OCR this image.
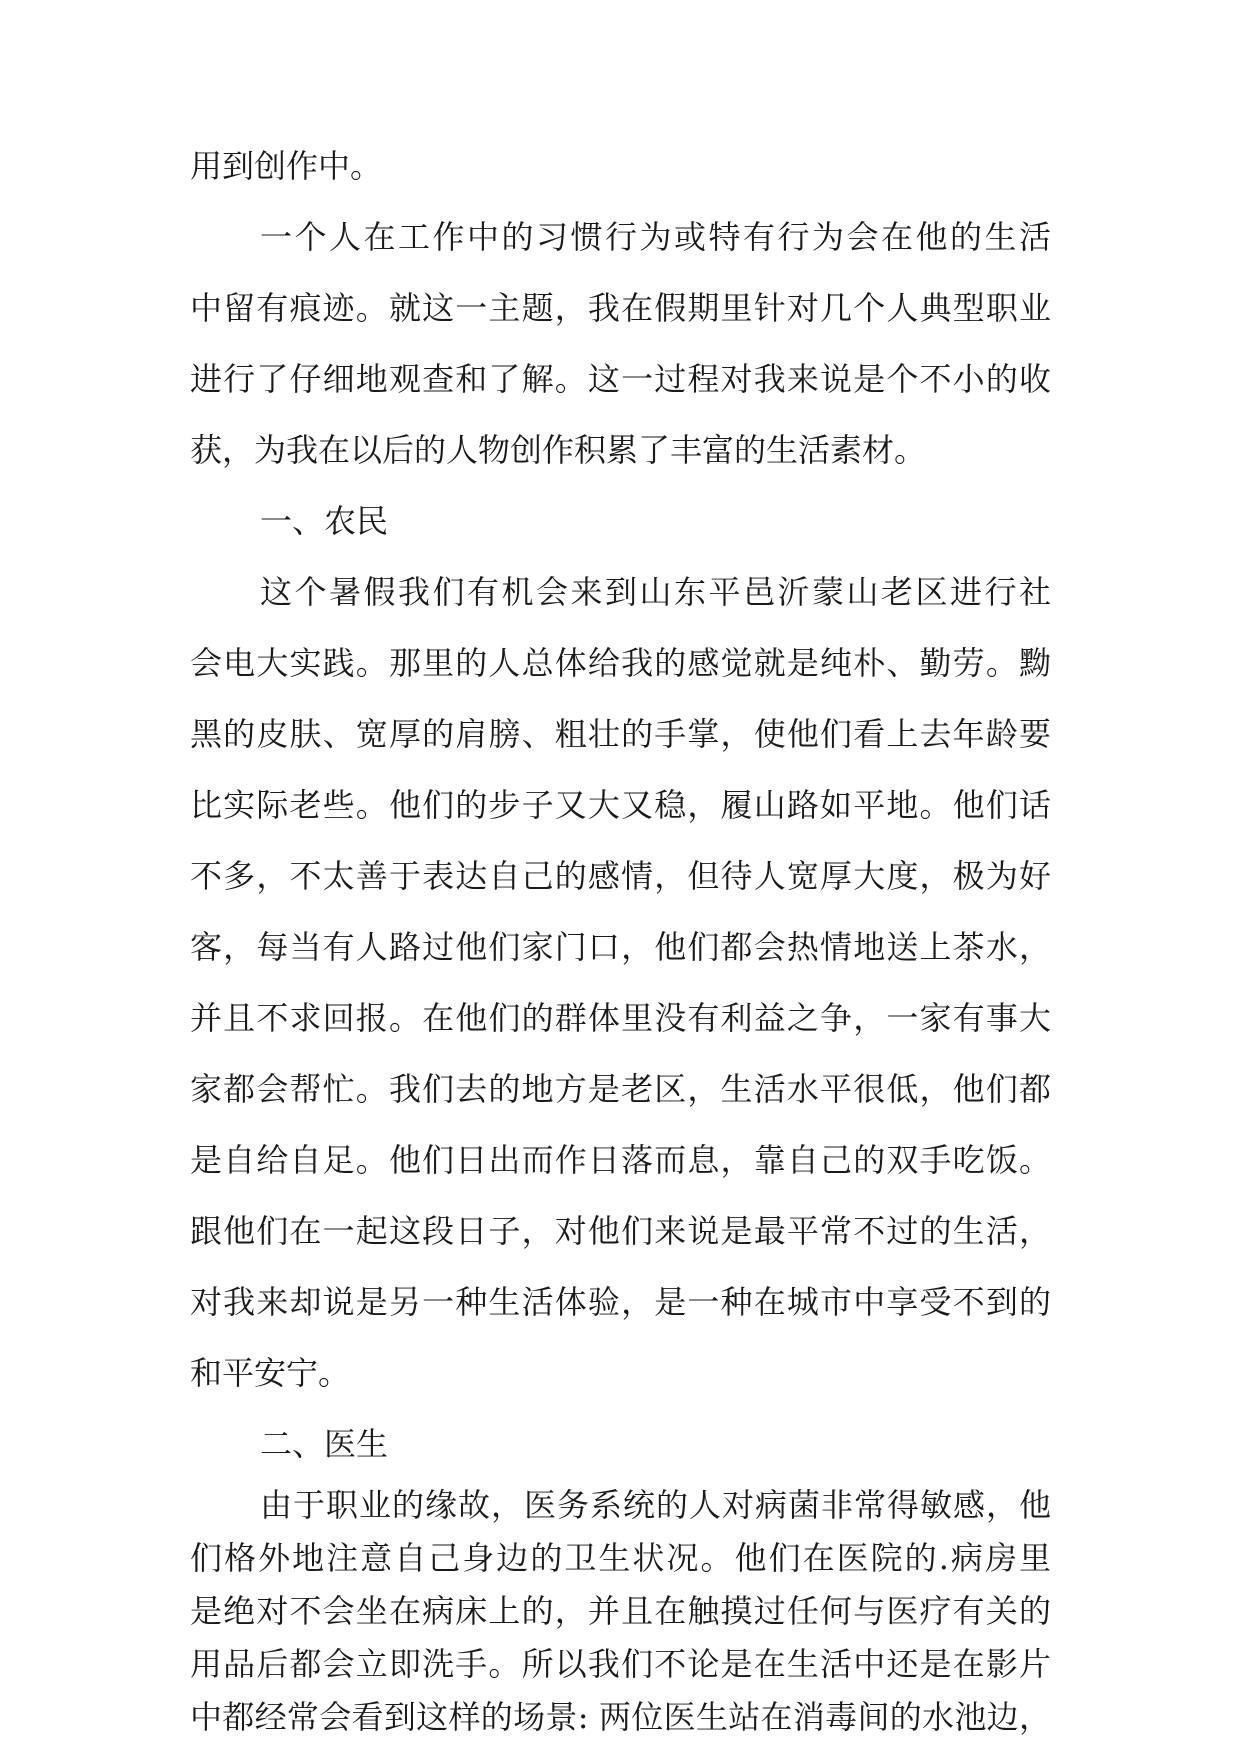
用到创作中。
一个人在工作中的习惯行为或特有行为会在他的生活
中留有痕迹。就这一主题，我在假期里针对几个人典型职业
进行了仔细地观查和了解。这一过程对我来说是个不小的收
获，为我在以后的人物创作积累了丰富的生活素材。
一、农民
这个暑假我们有机会来到山东平邑沂蒙山老区进行社
会电大实践。那里的人总体给我的感觉就是纯朴、勤劳。黝
黑的皮肤、宽厚的肩膀、粗壮的手掌，使他们看上去年龄要
比实际老些。他们的步子又大又稳，履山路如平地。他们话
不多，不太善于表达自己的感情，但待人宽厚大度，极为好
客，每当有人路过他们家门口，他们都会热情地送上茶水，
并且不求回报。在他们的群体里没有利益之争，一家有事大
家都会帮忙。我们去的地方是老区，生活水平很低，他们都
是自给自足。他们日出而作日落而息，靠自己的双手吃饭。
跟他们在一起这段日子，对他们来说是最平常不过的生活，
对我来却说是另一种生活体验，是一种在城市中享受不到的
和平安宁。
二、医生
由于职业的缘故，医务系统的人对病菌非常得敏感，他
们格外地注意自己身边的卫生状况。他们在医院的.病房里
是绝对不会坐在病床上的，并且在触摸过任何与医疗有关的
用品后都会立即洗手。所以我们不论是在生活中还是在影片
中都经常会看到这样的场景: 两位医生站在消毒间的水池边，
